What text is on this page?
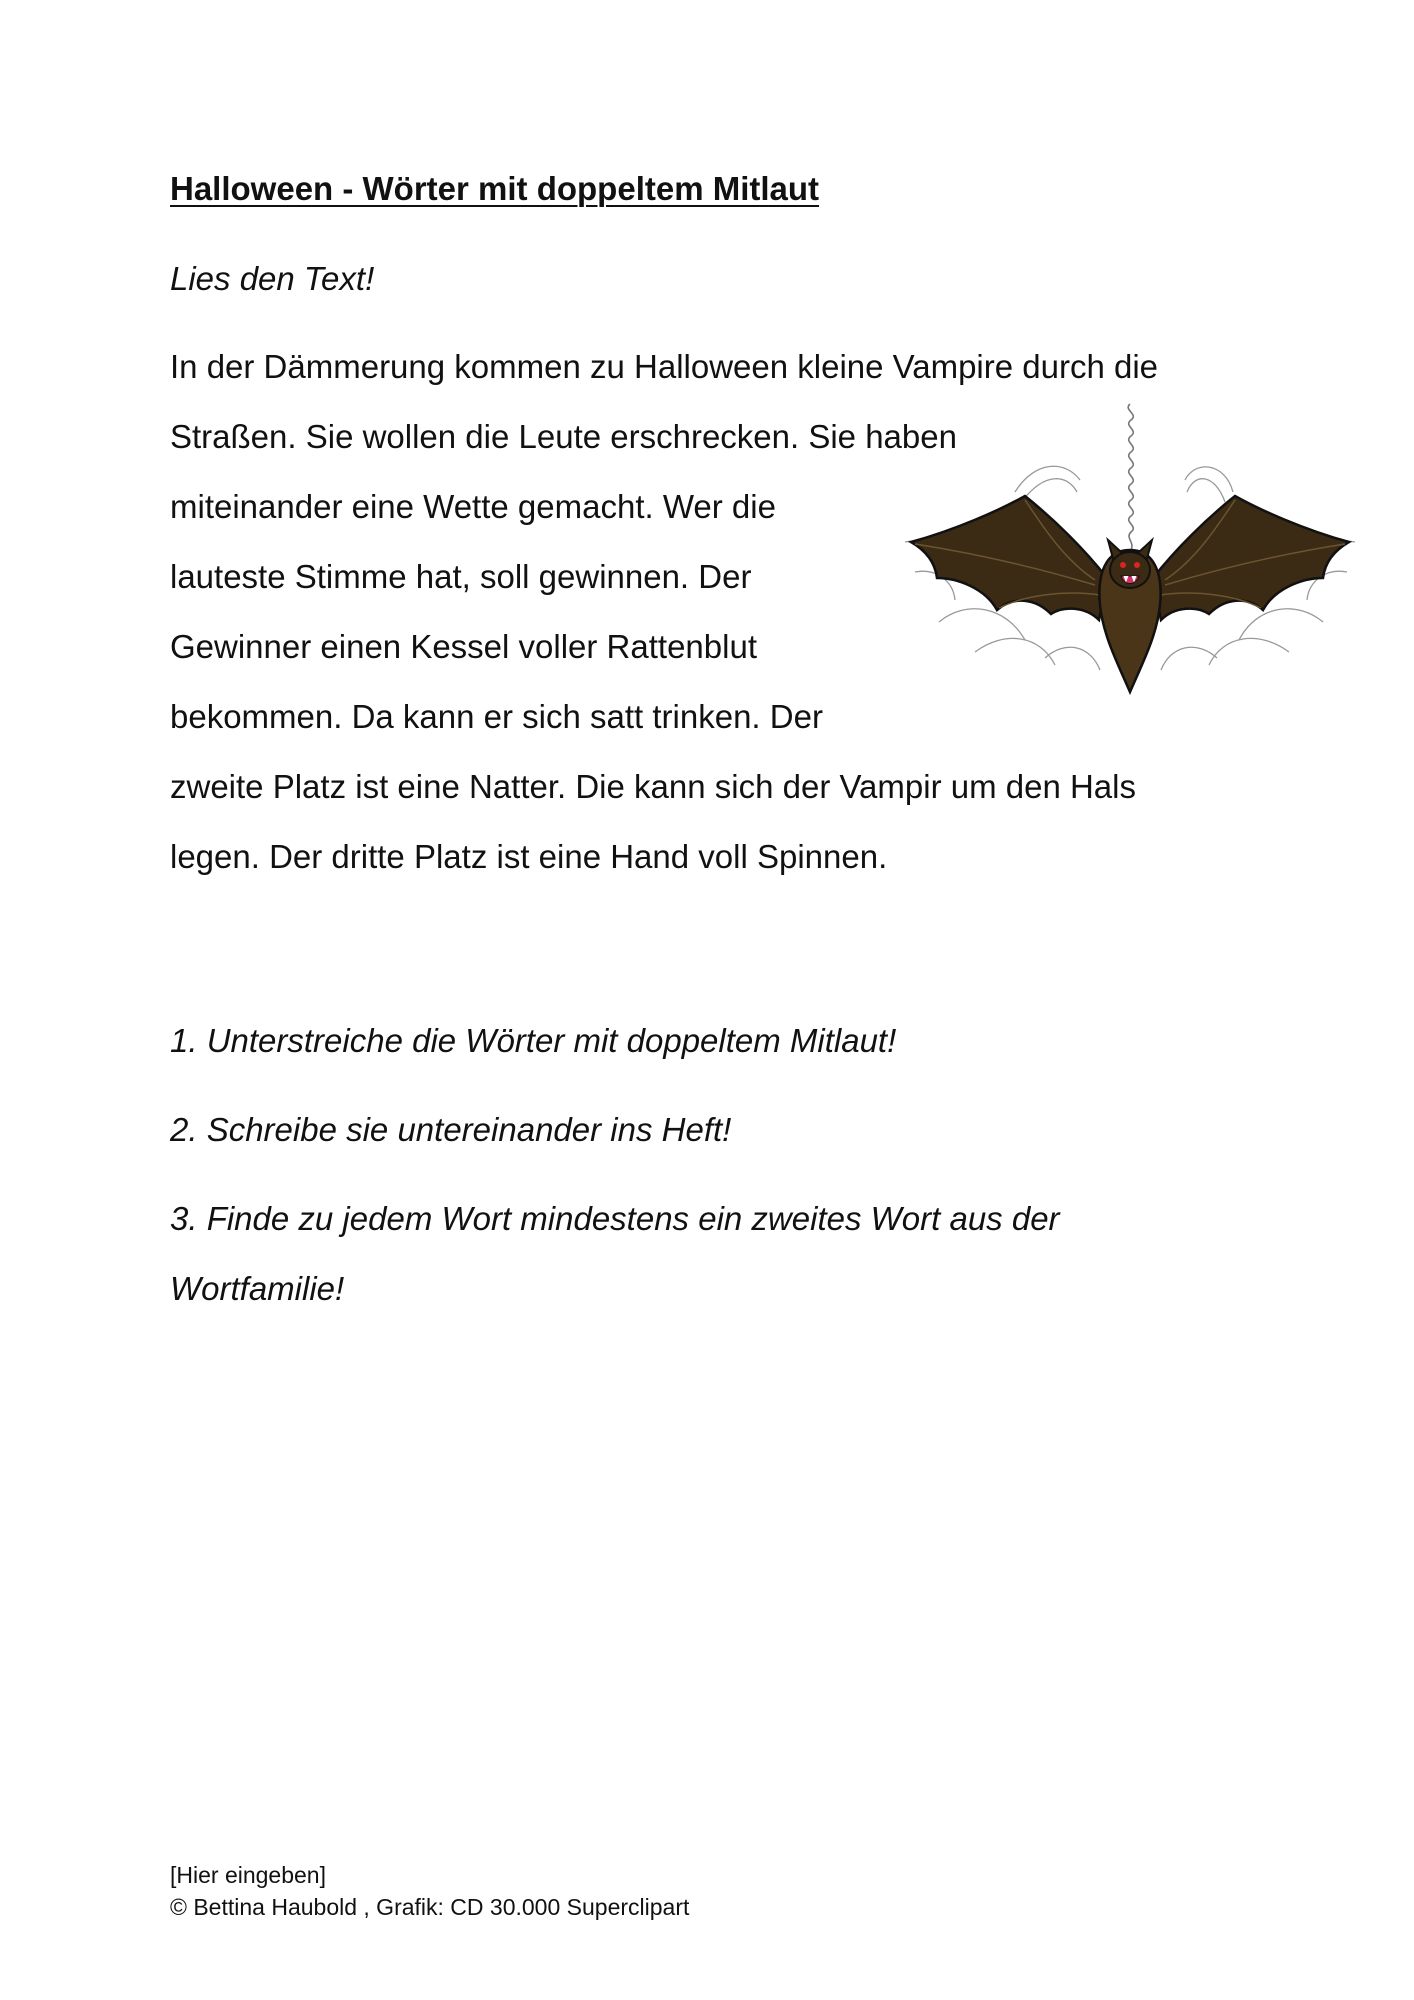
Halloween - Wörter mit doppeltem Mitlaut
Lies den Text!
In der Dämmerung kommen zu Halloween kleine Vampire durch die
Straßen. Sie wollen die Leute erschrecken. Sie haben
miteinander eine Wette gemacht. Wer die
lauteste Stimme hat, soll gewinnen. Der
Gewinner einen Kessel voller Rattenblut
bekommen. Da kann er sich satt trinken. Der
zweite Platz ist eine Natter. Die kann sich der Vampir um den Hals
legen. Der dritte Platz ist eine Hand voll Spinnen.
1. Unterstreiche die Wörter mit doppeltem Mitlaut!
2. Schreibe sie untereinander ins Heft!
3. Finde zu jedem Wort mindestens ein zweites Wort aus der
Wortfamilie!
[Hier eingeben]
© Bettina Haubold , Grafik: CD 30.000 Superclipart
